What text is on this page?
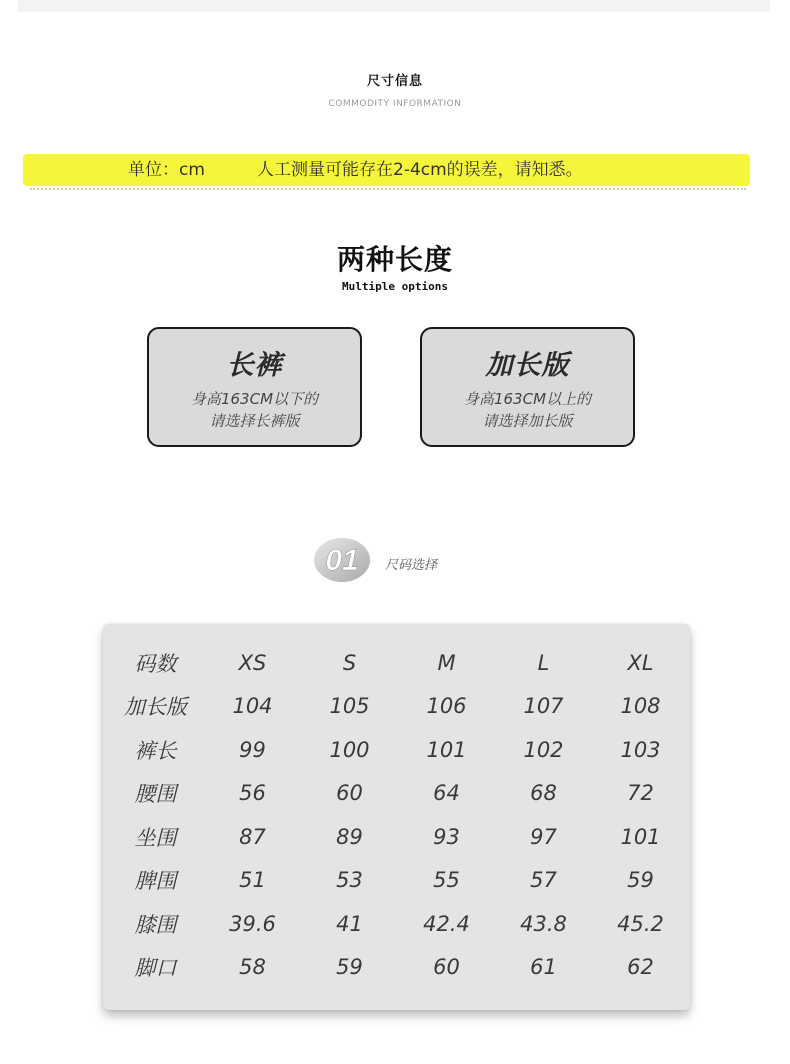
尺寸信息
COMMODITY INFORMATION
单位：cm	人工测量可能存在2-4cm的误差，请知悉。
两种长度
Multiple options
长裤
身高163CM以下的
请选择长裤版
加长版
身高163CM以上的
请选择加长版
01 尺码选择
码数	XS	S	M	L	XL
加长版	104	105	106	107	108
裤长	99	100	101	102	103
腰围	56	60	64	68	72
坐围	87	89	93	97	101
脾围	51	53	55	57	59
膝围	39.6	41	42.4	43.8	45.2
脚口	58	59	60	61	62
